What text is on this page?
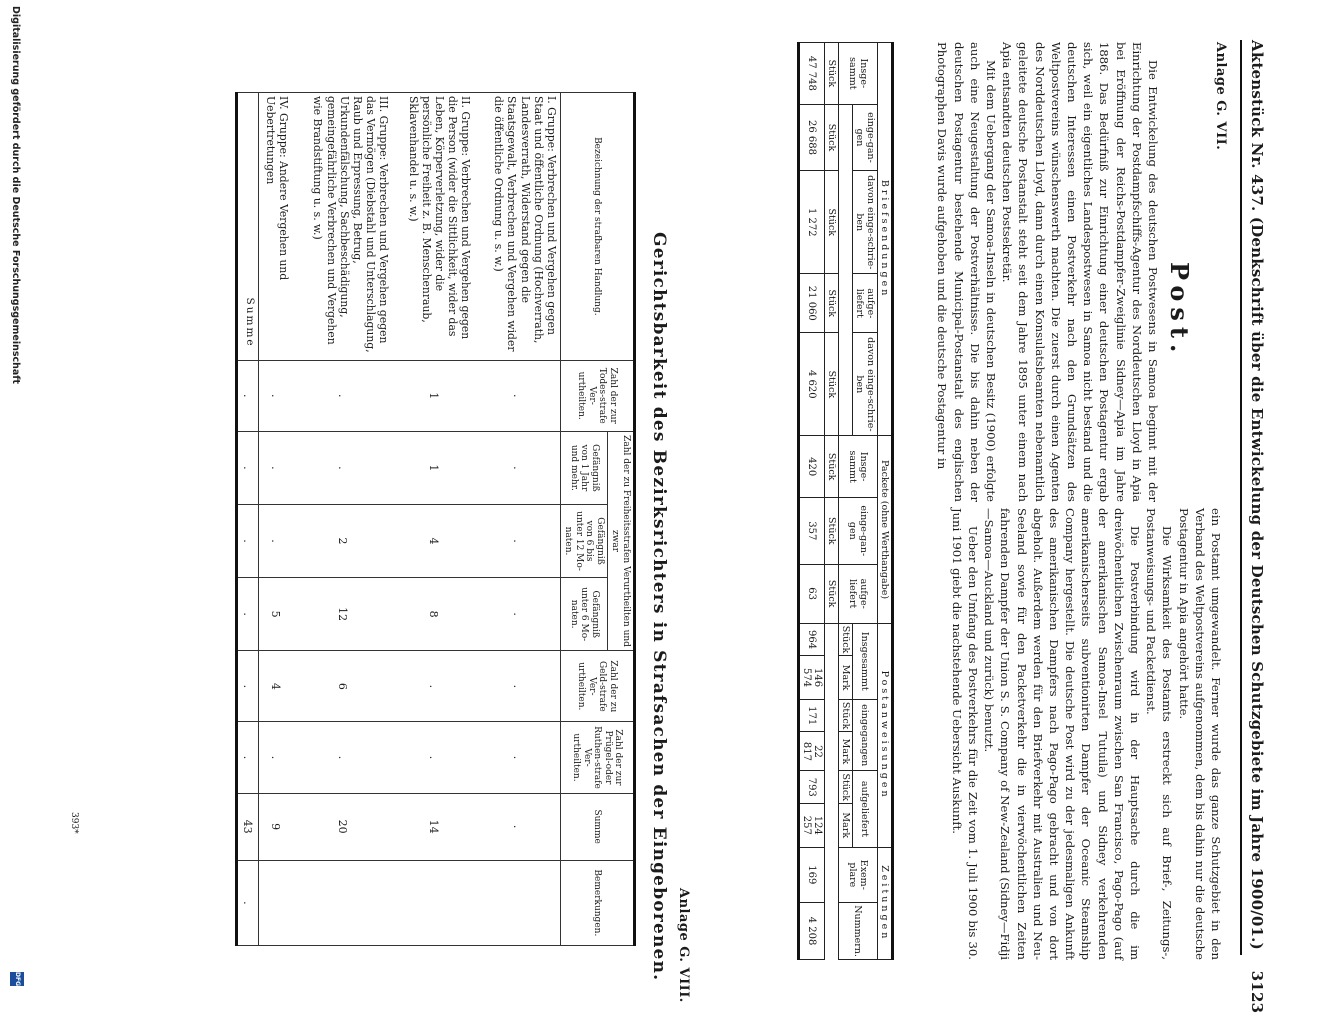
Aktenstück Nr. 437. (Denkschrift über die Entwickelung der Deutschen Schutzgebiete im Jahre 1900/01.)  3123
Anlage G. VII.
Post.

Die Entwickelung des deutschen Postwesens in Samoa beginnt mit der Einrichtung der Postdampfschiffs-Agentur des Norddeutschen Lloyd in Apia bei Eröffnung der Reichs-Postdampfer-Zweiglinie Sidney—Apia im Jahre 1886. Das Bedürfniß zur Einrichtung einer deutschen Postagentur ergab sich, weil ein eigentliches Landespostwesen in Samoa nicht bestand und die deutschen Interessen einen Postverkehr nach den Grundsätzen des Weltpostvereins wünschenswerth machten. Die zuerst durch einen Agenten des Norddeutschen Lloyd, dann durch einen Konsulatsbeamten nebenamtlich geleitete deutsche Postanstalt steht seit dem Jahre 1895 unter einem nach Apia entsandten deutschen Postsekretär.

Mit dem Uebergang der Samoa-Inseln in deutschen Besitz (1900) erfolgte auch eine Neugestaltung der Postverhältnisse. Die bis dahin neben der deutschen Postagentur bestehende Municipal-Postanstalt des englischen Photographen Davis wurde aufgehoben und die deutsche Postagentur in

ein Postamt umgewandelt. Ferner wurde das ganze Schutzgebiet in den Verband des Weltpostvereins aufgenommen, dem bis dahin nur die deutsche Postagentur in Apia angehört hatte.

Die Wirksamkeit des Postamts erstreckt sich auf Brief-, Zeitungs-, Postanweisungs- und Packetdienst.

Die Postverbindung wird in der Hauptsache durch die im dreiwöchentlichen Zwischenraum zwischen San Francisco, Pago-Pago (auf der amerikanischen Samoa-Insel Tutuila) und Sidney verkehrenden amerikanischerseits subventionirten Dampfer der Oceanic Steamship Company hergestellt. Die deutsche Post wird zu der jedesmaligen Ankunft des amerikanischen Dampfers nach Pago-Pago gebracht und von dort abgeholt. Außerdem werden für den Briefverkehr mit Australien und Neu-Seeland sowie für den Packetverkehr die in vierwöchentlichen Zeiten fahrenden Dampfer der Union S. S. Company of New-Zealand (Sidney—Fidji—Samoa—Auckland und zurück) benutzt.

Ueber den Umfang des Postverkehrs für die Zeit vom 1. Juli 1900 bis 30. Juni 1901 giebt die nachstehende Uebersicht Auskunft.

Briefsendungen					Packete (ohne Werthangabe)			Postanweisungen						Zeitungen	
Insge-sammt	einge-gan-gen	davon einge-schrie-ben	aufge-liefert	davon einge-schrie-ben	Insge-sammt	einge-gan-gen	aufge-liefert	Insgesammt		eingegangen		aufgeliefert		Exem-plare	Nummern.
								Stück	Mark	Stück	Mark	Stück	Mark		
Stück	Stück	Stück	Stück	Stück	Stück	Stück	Stück								
47 748	26 688	1 272	21 060	4 620	420	357	63	964	146 574	171	22 817	793	124 257	169	4 208
Anlage G. VIII.
Gerichtsbarkeit des Bezirksrichters in Strafsachen der Eingeborenen.
Bezeichnung der strafbaren Handlung.	Zahl der zur Todes-strafe Ver-urtheilten.	Zahl der zu Freiheitsstrafen Verurtheilten und zwar			Zahl der zu Geld-strafe Ver-urtheilten.	Zahl der zur Prügel-oder Ruthen-strafe Ver-urtheilten.	Summe	Bemerkungen.
		Gefängniß von 1 Jahr und mehr.	Gefängniß von 6 bis unter 12 Mo-naten.	Gefängniß unter 6 Mo-naten.				
I. Gruppe: Verbrechen und Vergehen gegen Staat und öffentliche Ordnung (Hochverrath, Landesverrath, Widerstand gegen die Staatsgewalt, Verbrechen und Vergehen wider die öffentliche Ordnung u. s. w.)	.	.	.	.	.	.	.	
II. Gruppe: Verbrechen und Vergehen gegen die Person (wider die Sittlichkeit, wider das Leben, Körperverletzung, wider die persönliche Freiheit z. B. Menschenraub, Sklavenhandel u. s. w.)	1	1	4	8	.	.	14	
III. Gruppe: Verbrechen und Vergehen gegen das Vermögen (Diebstahl und Unterschlagung, Raub und Erpressung, Betrug, Urkundenfälschung, Sachbeschädigung, gemeingefährliche Verbrechen und Vergehen wie Brandstiftung u. s. w.)	.	.	2	12	6	.	20	
IV. Gruppe: Andere Vergehen und Uebertretungen	.	.	.	5	4	.	9	
Summe	.	.	.	.	.	.	43	.
393*
DFG
Digitalisierung gefördert durch die Deutsche Forschungsgemeinschaft
